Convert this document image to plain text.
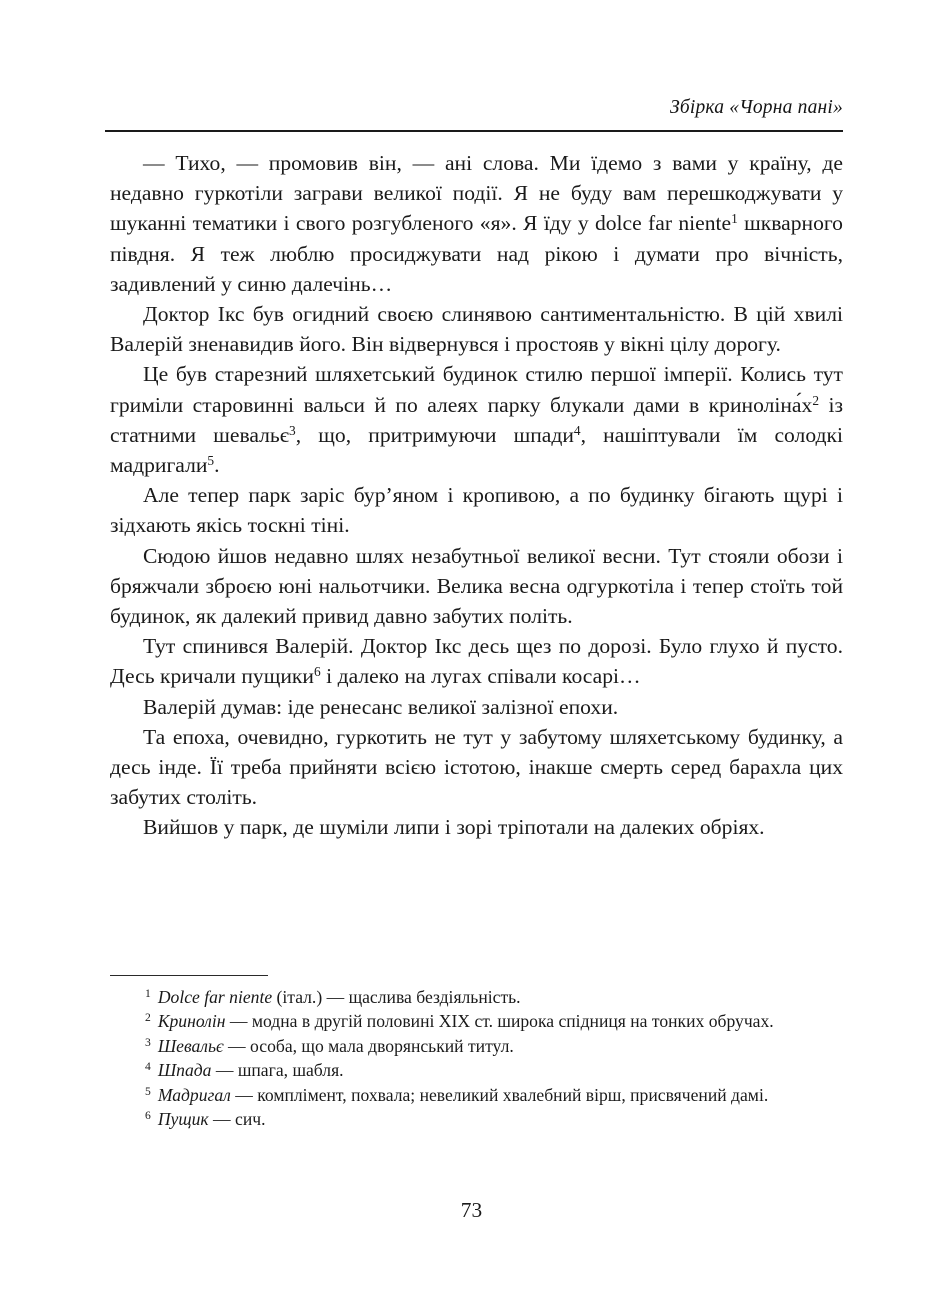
Збірка «Чорна пані»

— Тихо, — промовив він, — ані слова. Ми їдемо з вами у країну, де недавно гуркотіли заграви великої події. Я не буду вам перешкоджувати у шуканні тематики і свого розгубленого «я». Я їду у dolce far niente$^1$ шкварного півдня. Я теж люблю просиджувати над рікою і думати про вічність, задивлений у синю далечінь…

Доктор Ікс був огидний своєю слинявою сантиментальністю. В цій хвилі Валерій зненавидив його. Він відвернувся і простояв у вікні цілу дорогу.

Це був старезний шляхетський будинок стилю першої імперії. Колись тут гриміли старовинні вальси й по алеях парку блукали дами в криноліна́х$^2$ із статними шевальє$^3$, що, притримуючи шпади$^4$, нашіптували їм солодкі мадригали$^5$.

Але тепер парк заріс бур’яном і кропивою, а по будинку бігають щурі і зідхають якісь тоскні тіні.

Сюдою йшов недавно шлях незабутньої великої весни. Тут стояли обози і бряжчали зброєю юні нальотчики. Велика весна одгуркотіла і тепер стоїть той будинок, як далекий привид давно забутих політь.

Тут спинився Валерій. Доктор Ікс десь щез по дорозі. Було глухо й пусто. Десь кричали пущики$^6$ і далеко на лугах співали косарі…

Валерій думав: іде ренесанс великої залізної епохи.

Та епоха, очевидно, гуркотить не тут у забутому шляхетському будинку, а десь інде. Її треба прийняти всією істотою, інакше смерть серед барахла цих забутих століть.

Вийшов у парк, де шуміли липи і зорі тріпотали на далеких обріях.

$^1$ Dolce far niente (італ.) — щаслива бездіяльність.

$^2$ Кринолін — модна в другій половині XIX ст. широка спідниця на тонких обручах.

$^3$ Шевальє — особа, що мала дворянський титул.

$^4$ Шпада — шпага, шабля.

$^5$ Мадригал — комплімент, похвала; невеликий хвалебний вірш, присвячений дамі.

$^6$ Пущик — сич.

73
